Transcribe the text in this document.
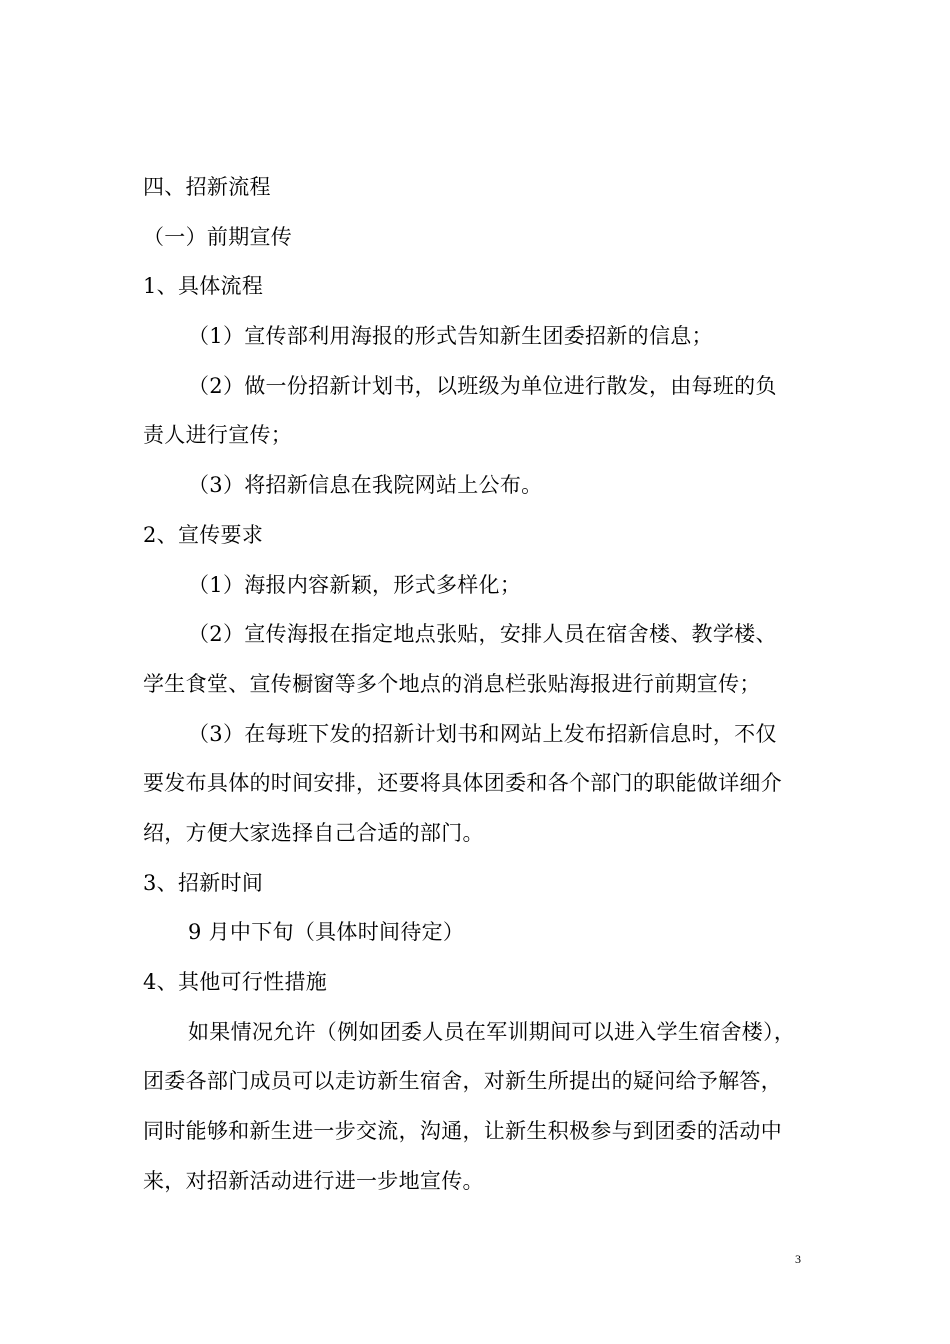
四、招新流程
（一）前期宣传
1、具体流程
（1）宣传部利用海报的形式告知新生团委招新的信息；
（2）做一份招新计划书，以班级为单位进行散发，由每班的负
责人进行宣传；
（3）将招新信息在我院网站上公布。
2、宣传要求
（1）海报内容新颖，形式多样化；
（2）宣传海报在指定地点张贴，安排人员在宿舍楼、教学楼、
学生食堂、宣传橱窗等多个地点的消息栏张贴海报进行前期宣传；
（3）在每班下发的招新计划书和网站上发布招新信息时，不仅
要发布具体的时间安排，还要将具体团委和各个部门的职能做详细介
绍，方便大家选择自己合适的部门。
3、招新时间
9 月中下旬（具体时间待定）
4、其他可行性措施
如果情况允许（例如团委人员在军训期间可以进入学生宿舍楼），
团委各部门成员可以走访新生宿舍，对新生所提出的疑问给予解答，
同时能够和新生进一步交流，沟通，让新生积极参与到团委的活动中
来，对招新活动进行进一步地宣传。
3
